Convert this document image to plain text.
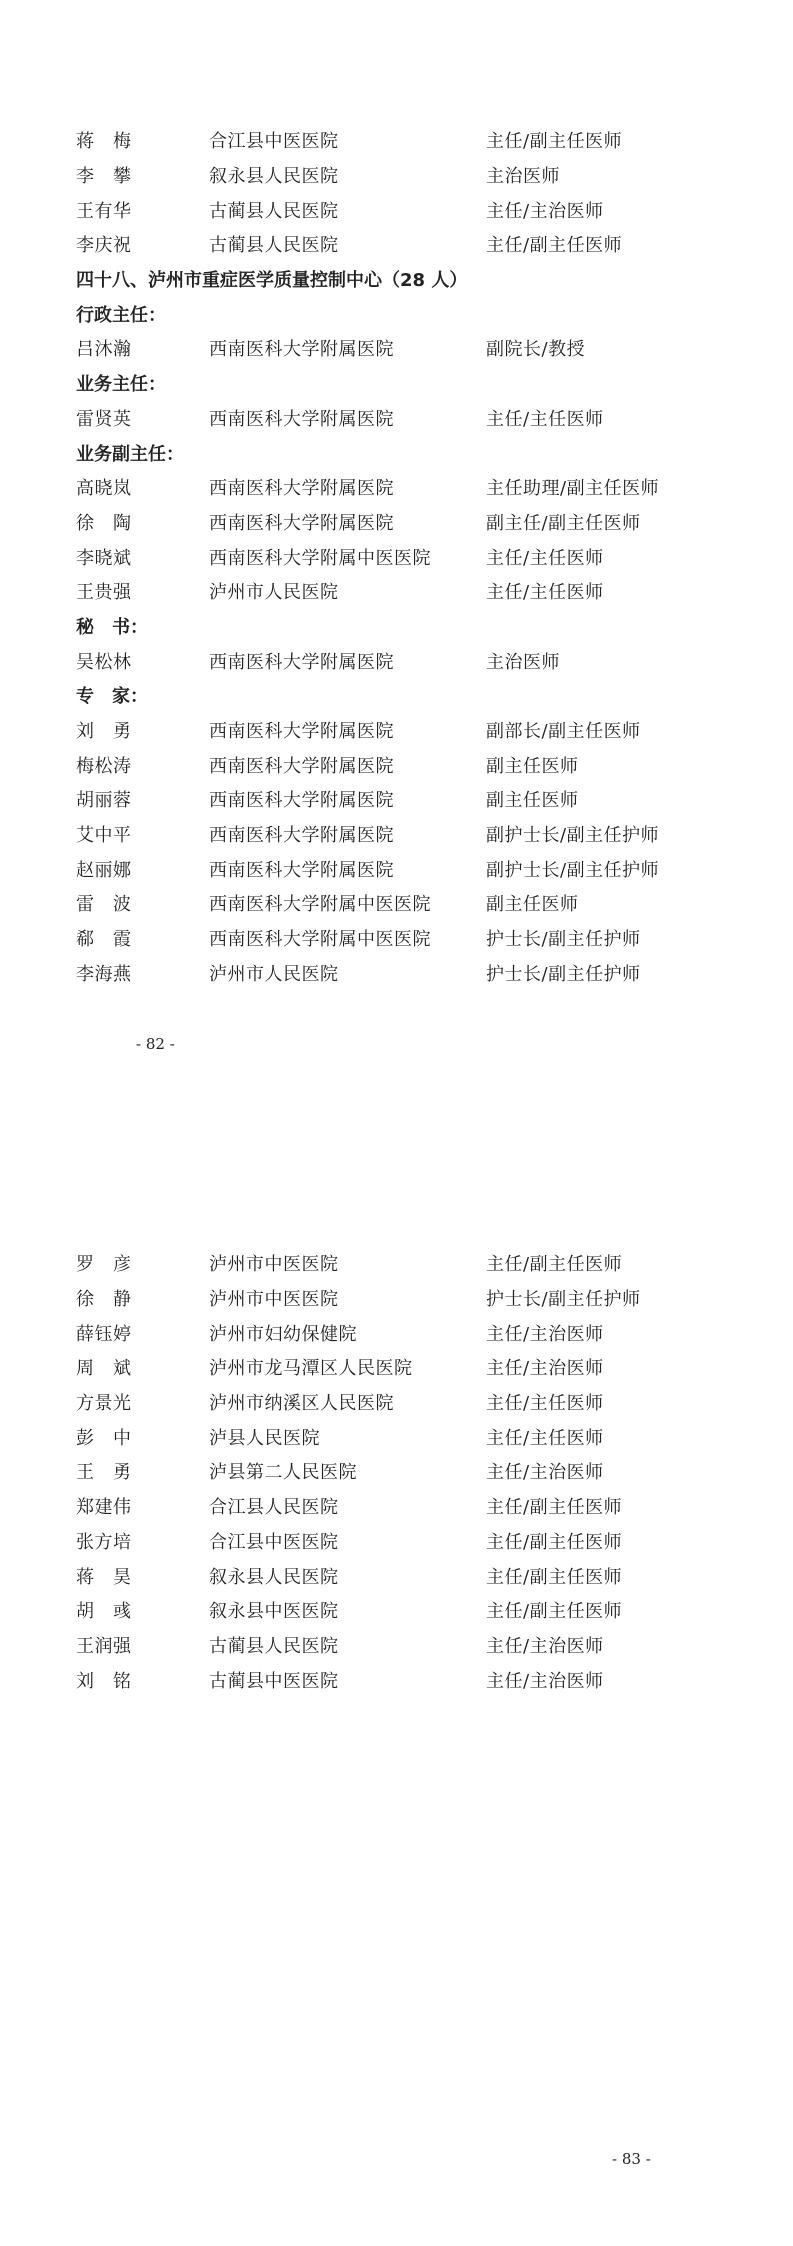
蒋　梅	合江县中医医院	主任/副主任医师
李　攀	叙永县人民医院	主治医师
王有华	古蔺县人民医院	主任/主治医师
李庆祝	古蔺县人民医院	主任/副主任医师
四十八、泸州市重症医学质量控制中心（28 人）
行政主任：
吕沐瀚	西南医科大学附属医院	副院长/教授
业务主任：
雷贤英	西南医科大学附属医院	主任/主任医师
业务副主任：
高晓岚	西南医科大学附属医院	主任助理/副主任医师
徐　陶	西南医科大学附属医院	副主任/副主任医师
李晓斌	西南医科大学附属中医医院	主任/主任医师
王贵强	泸州市人民医院	主任/主任医师
秘　书：
吴松林	西南医科大学附属医院	主治医师
专　家：
刘　勇	西南医科大学附属医院	副部长/副主任医师
梅松涛	西南医科大学附属医院	副主任医师
胡丽蓉	西南医科大学附属医院	副主任医师
艾中平	西南医科大学附属医院	副护士长/副主任护师
赵丽娜	西南医科大学附属医院	副护士长/副主任护师
雷　波	西南医科大学附属中医医院	副主任医师
郗　霞	西南医科大学附属中医医院	护士长/副主任护师
李海燕	泸州市人民医院	护士长/副主任护师
- 82 -
罗　彦	泸州市中医医院	主任/副主任医师
徐　静	泸州市中医医院	护士长/副主任护师
薛钰婷	泸州市妇幼保健院	主任/主治医师
周　斌	泸州市龙马潭区人民医院	主任/主治医师
方景光	泸州市纳溪区人民医院	主任/主任医师
彭　中	泸县人民医院	主任/主任医师
王　勇	泸县第二人民医院	主任/主治医师
郑建伟	合江县人民医院	主任/副主任医师
张方培	合江县中医医院	主任/副主任医师
蒋　昊	叙永县人民医院	主任/副主任医师
胡　彧	叙永县中医医院	主任/副主任医师
王润强	古蔺县人民医院	主任/主治医师
刘　铭	古蔺县中医医院	主任/主治医师
- 83 -
